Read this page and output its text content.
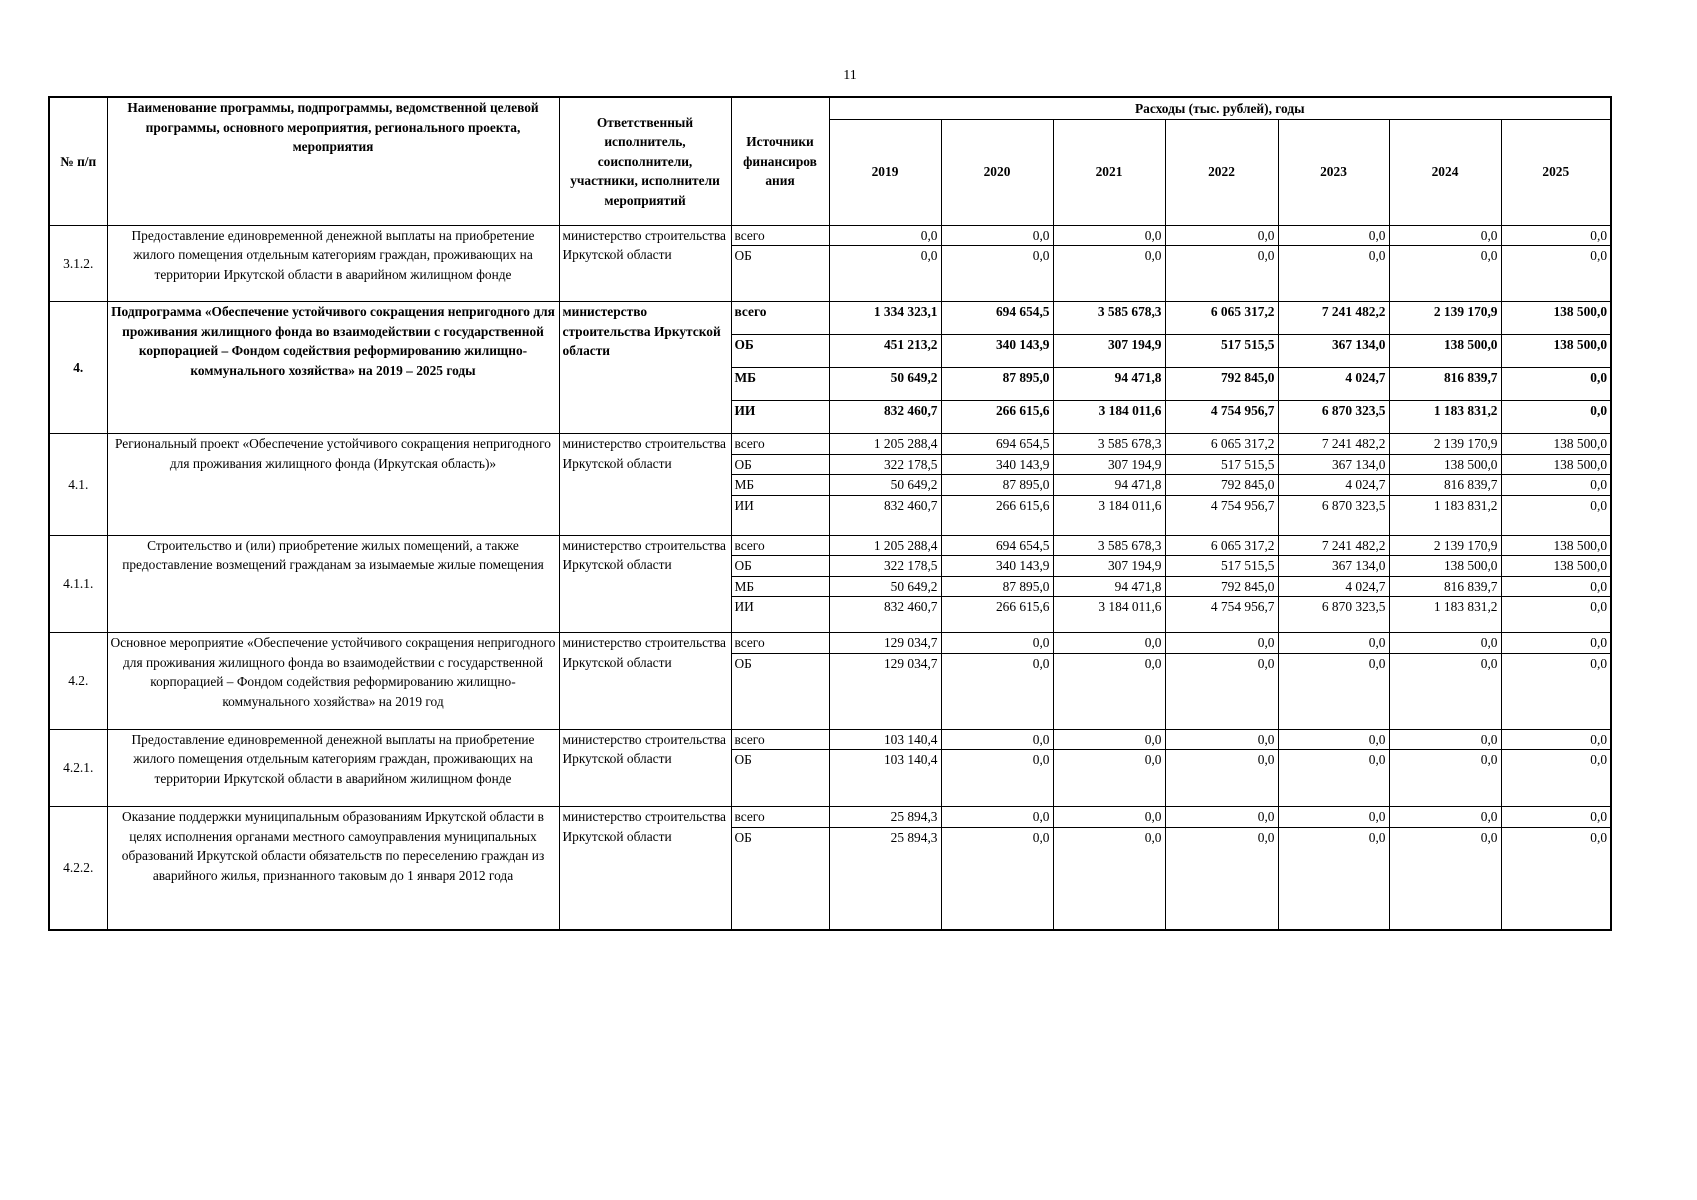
11
№ п/п	Наименование программы, подпрограммы, ведомственной целевой программы, основного мероприятия, регионального проекта, мероприятия	Ответственный исполнитель, соисполнители, участники, исполнители мероприятий	Источники финансиров ания	Расходы (тыс. рублей), годы						
				2019	2020	2021	2022	2023	2024	2025
3.1.2.	Предоставление единовременной денежной выплаты на приобретение жилого помещения отдельным категориям граждан, проживающих на территории Иркутской области в аварийном жилищном фонде	министерство строительства Иркутской области	всего	0,0	0,0	0,0	0,0	0,0	0,0	0,0
			ОБ	0,0	0,0	0,0	0,0	0,0	0,0	0,0
4.	Подпрограмма «Обеспечение устойчивого сокращения непригодного для проживания жилищного фонда во взаимодействии с государственной корпорацией – Фондом содействия реформированию жилищно-коммунального хозяйства» на 2019 – 2025 годы	министерство строительства Иркутской области	всего	1 334 323,1	694 654,5	3 585 678,3	6 065 317,2	7 241 482,2	2 139 170,9	138 500,0
			ОБ	451 213,2	340 143,9	307 194,9	517 515,5	367 134,0	138 500,0	138 500,0
			МБ	50 649,2	87 895,0	94 471,8	792 845,0	4 024,7	816 839,7	0,0
			ИИ	832 460,7	266 615,6	3 184 011,6	4 754 956,7	6 870 323,5	1 183 831,2	0,0
4.1.	Региональный проект «Обеспечение устойчивого сокращения непригодного для проживания жилищного фонда (Иркутская область)»	министерство строительства Иркутской области	всего	1 205 288,4	694 654,5	3 585 678,3	6 065 317,2	7 241 482,2	2 139 170,9	138 500,0
			ОБ	322 178,5	340 143,9	307 194,9	517 515,5	367 134,0	138 500,0	138 500,0
			МБ	50 649,2	87 895,0	94 471,8	792 845,0	4 024,7	816 839,7	0,0
			ИИ	832 460,7	266 615,6	3 184 011,6	4 754 956,7	6 870 323,5	1 183 831,2	0,0
4.1.1.	Строительство и (или) приобретение жилых помещений, а также предоставление возмещений гражданам за изымаемые жилые помещения	министерство строительства Иркутской области	всего	1 205 288,4	694 654,5	3 585 678,3	6 065 317,2	7 241 482,2	2 139 170,9	138 500,0
			ОБ	322 178,5	340 143,9	307 194,9	517 515,5	367 134,0	138 500,0	138 500,0
			МБ	50 649,2	87 895,0	94 471,8	792 845,0	4 024,7	816 839,7	0,0
			ИИ	832 460,7	266 615,6	3 184 011,6	4 754 956,7	6 870 323,5	1 183 831,2	0,0
4.2.	Основное мероприятие «Обеспечение устойчивого сокращения непригодного для проживания жилищного фонда во взаимодействии с государственной корпорацией – Фондом содействия реформированию жилищно-коммунального хозяйства» на 2019 год	министерство строительства Иркутской области	всего	129 034,7	0,0	0,0	0,0	0,0	0,0	0,0
			ОБ	129 034,7	0,0	0,0	0,0	0,0	0,0	0,0
4.2.1.	Предоставление единовременной денежной выплаты на приобретение жилого помещения отдельным категориям граждан, проживающих на территории Иркутской области в аварийном жилищном фонде	министерство строительства Иркутской области	всего	103 140,4	0,0	0,0	0,0	0,0	0,0	0,0
			ОБ	103 140,4	0,0	0,0	0,0	0,0	0,0	0,0
4.2.2.	Оказание поддержки муниципальным образованиям Иркутской области в целях исполнения органами местного самоуправления муниципальных образований Иркутской области обязательств по переселению граждан из аварийного жилья, признанного таковым до 1 января 2012 года	министерство строительства Иркутской области	всего	25 894,3	0,0	0,0	0,0	0,0	0,0	0,0
			ОБ	25 894,3	0,0	0,0	0,0	0,0	0,0	0,0
